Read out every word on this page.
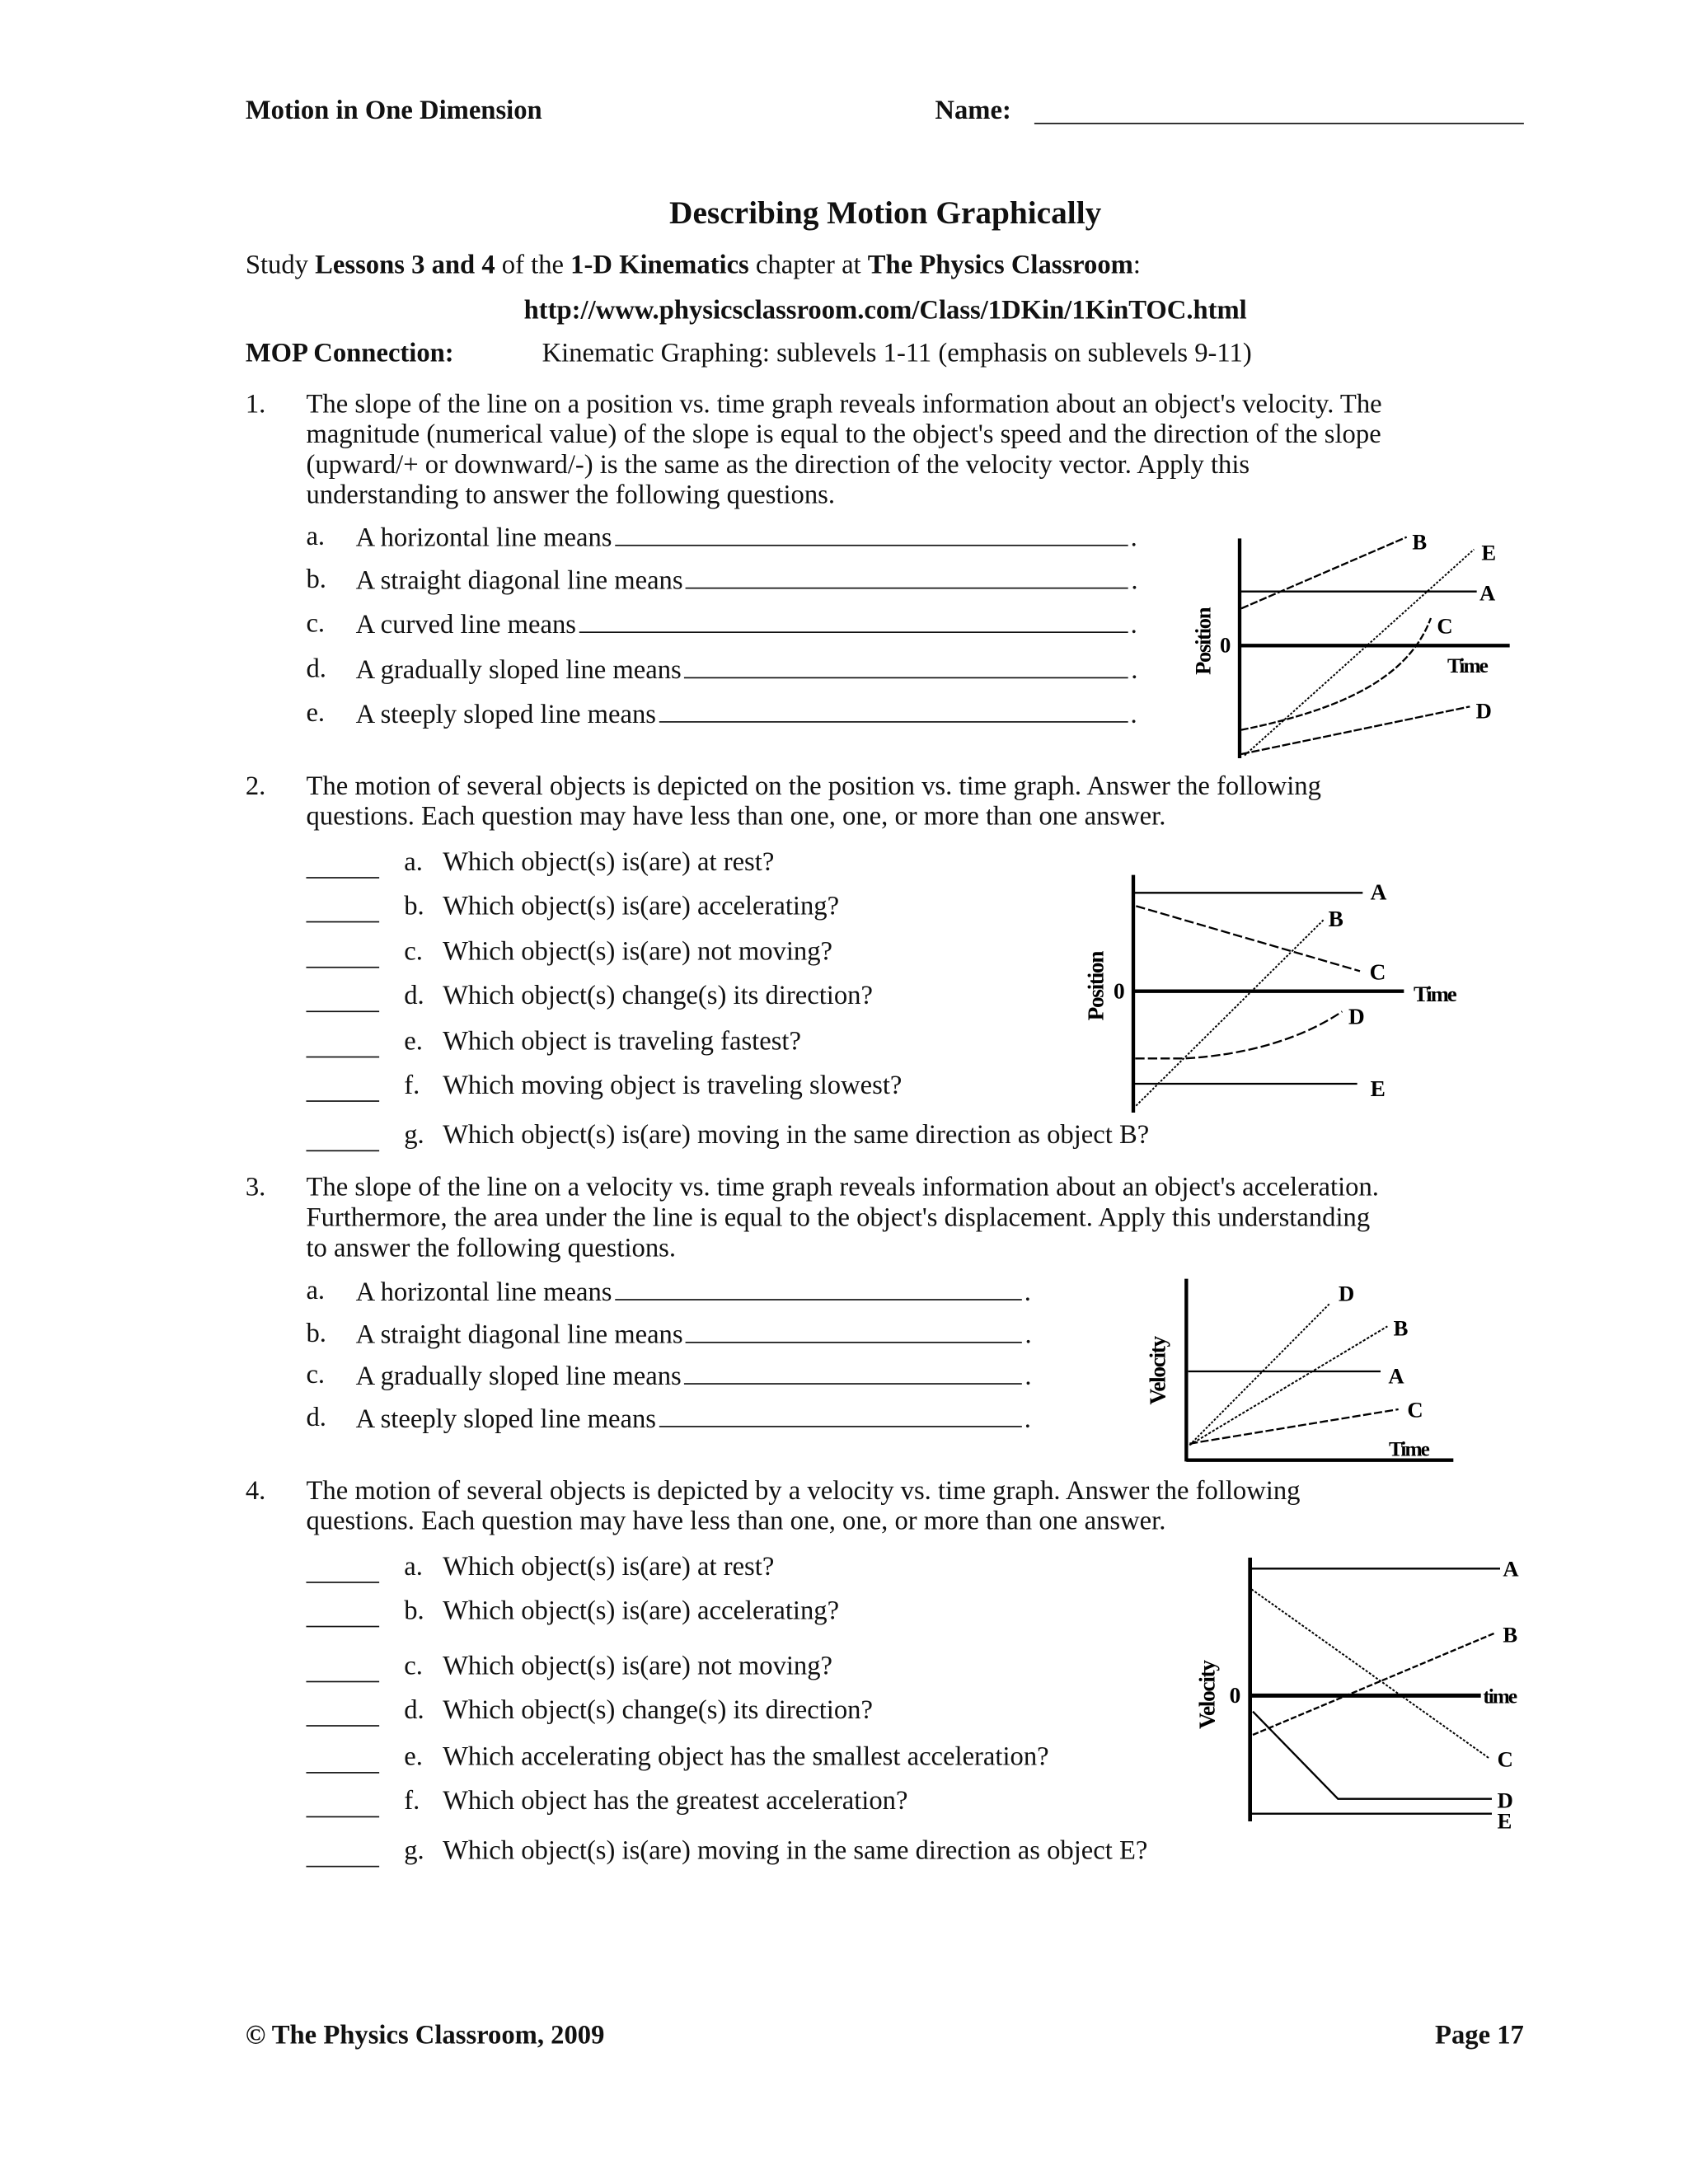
Motion in One Dimension	Name:
Describing Motion Graphically
Study Lessons 3 and 4 of the 1-D Kinematics chapter at The Physics Classroom:
http://www.physicsclassroom.com/Class/1DKin/1KinTOC.html
MOP Connection:	Kinematic Graphing: sublevels 1-11 (emphasis on sublevels 9-11)
1.	The slope of the line on a position vs. time graph reveals information about an object's velocity. The
magnitude (numerical value) of the slope is equal to the object's speed and the direction of the slope
(upward/+ or downward/-) is the same as the direction of the velocity vector. Apply this
understanding to answer the following questions.
2.	The motion of several objects is depicted on the position vs. time graph. Answer the following
questions. Each question may have less than one, one, or more than one answer.
3.	The slope of the line on a velocity vs. time graph reveals information about an object's acceleration.
Furthermore, the area under the line is equal to the object's displacement. Apply this understanding
to answer the following questions.
4.	The motion of several objects is depicted by a velocity vs. time graph. Answer the following
questions. Each question may have less than one, one, or more than one answer.
© The Physics Classroom, 2009	Page 17
a. A horizontal line means	.
b. A straight diagonal line means	.
c. A curved line means	.
d. A gradually sloped line means	.
e. A steeply sloped line means	.
a. A horizontal line means	.
b. A straight diagonal line means	.
c. A gradually sloped line means	.
d. A steeply sloped line means	.
a. Which object(s) is(are) at rest?
b. Which object(s) is(are) accelerating?
c. Which object(s) is(are) not moving?
d. Which object(s) change(s) its direction?
e. Which object is traveling fastest?
f. Which moving object is traveling slowest?
g. Which object(s) is(are) moving in the same direction as object B?
a. Which object(s) is(are) at rest?
b. Which object(s) is(are) accelerating?
c. Which object(s) is(are) not moving?
d. Which object(s) change(s) its direction?
e. Which accelerating object has the smallest acceleration?
f. Which object has the greatest acceleration?
g. Which object(s) is(are) moving in the same direction as object E?
B E
A
C
D
0
Time
Position
A
B
C
D
E
Time
0
Position
D
B
A
C
Time
Velocity
A
B
C
D
E
time
0
Velocity
